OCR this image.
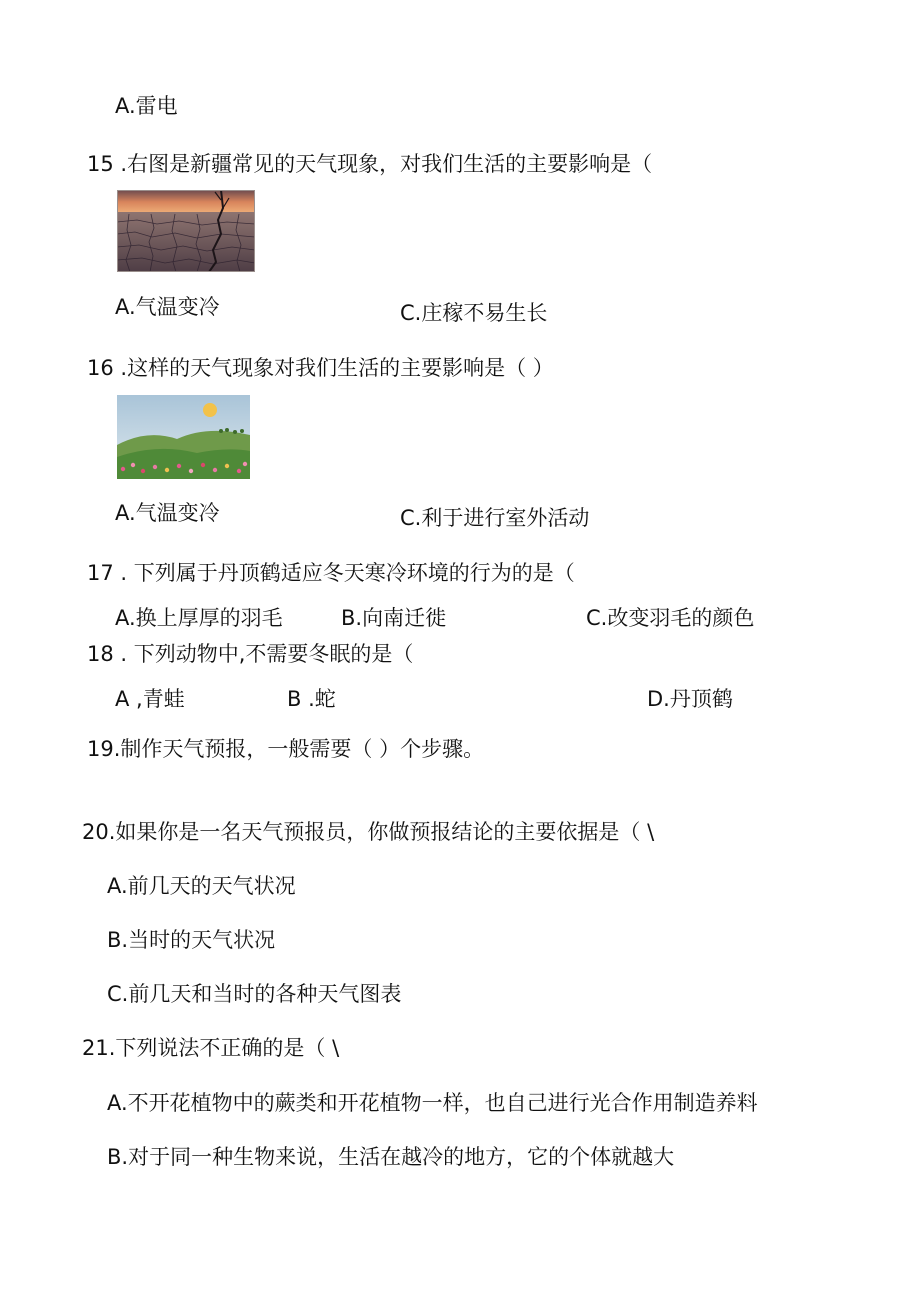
A.雷电
15 .右图是新疆常见的天气现象，对我们生活的主要影响是（
A.气温变冷	C.庄稼不易生长
16 .这样的天气现象对我们生活的主要影响是（ ）
A.气温变冷	C.利于进行室外活动
17 . 下列属于丹顶鹤适应冬天寒冷环境的行为的是（
A.换上厚厚的羽毛	B.向南迁徙	C.改变羽毛的颜色
18 . 下列动物中,不需要冬眠的是（
A ,青蛙	B .蛇	D.丹顶鹤
19.制作天气预报，一般需要（ ）个步骤。
20.如果你是一名天气预报员，你做预报结论的主要依据是（ \
A.前几天的天气状况
B.当时的天气状况
C.前几天和当时的各种天气图表
21.下列说法不正确的是（ \
A.不开花植物中的蕨类和开花植物一样，也自己进行光合作用制造养料
B.对于同一种生物来说，生活在越冷的地方，它的个体就越大
